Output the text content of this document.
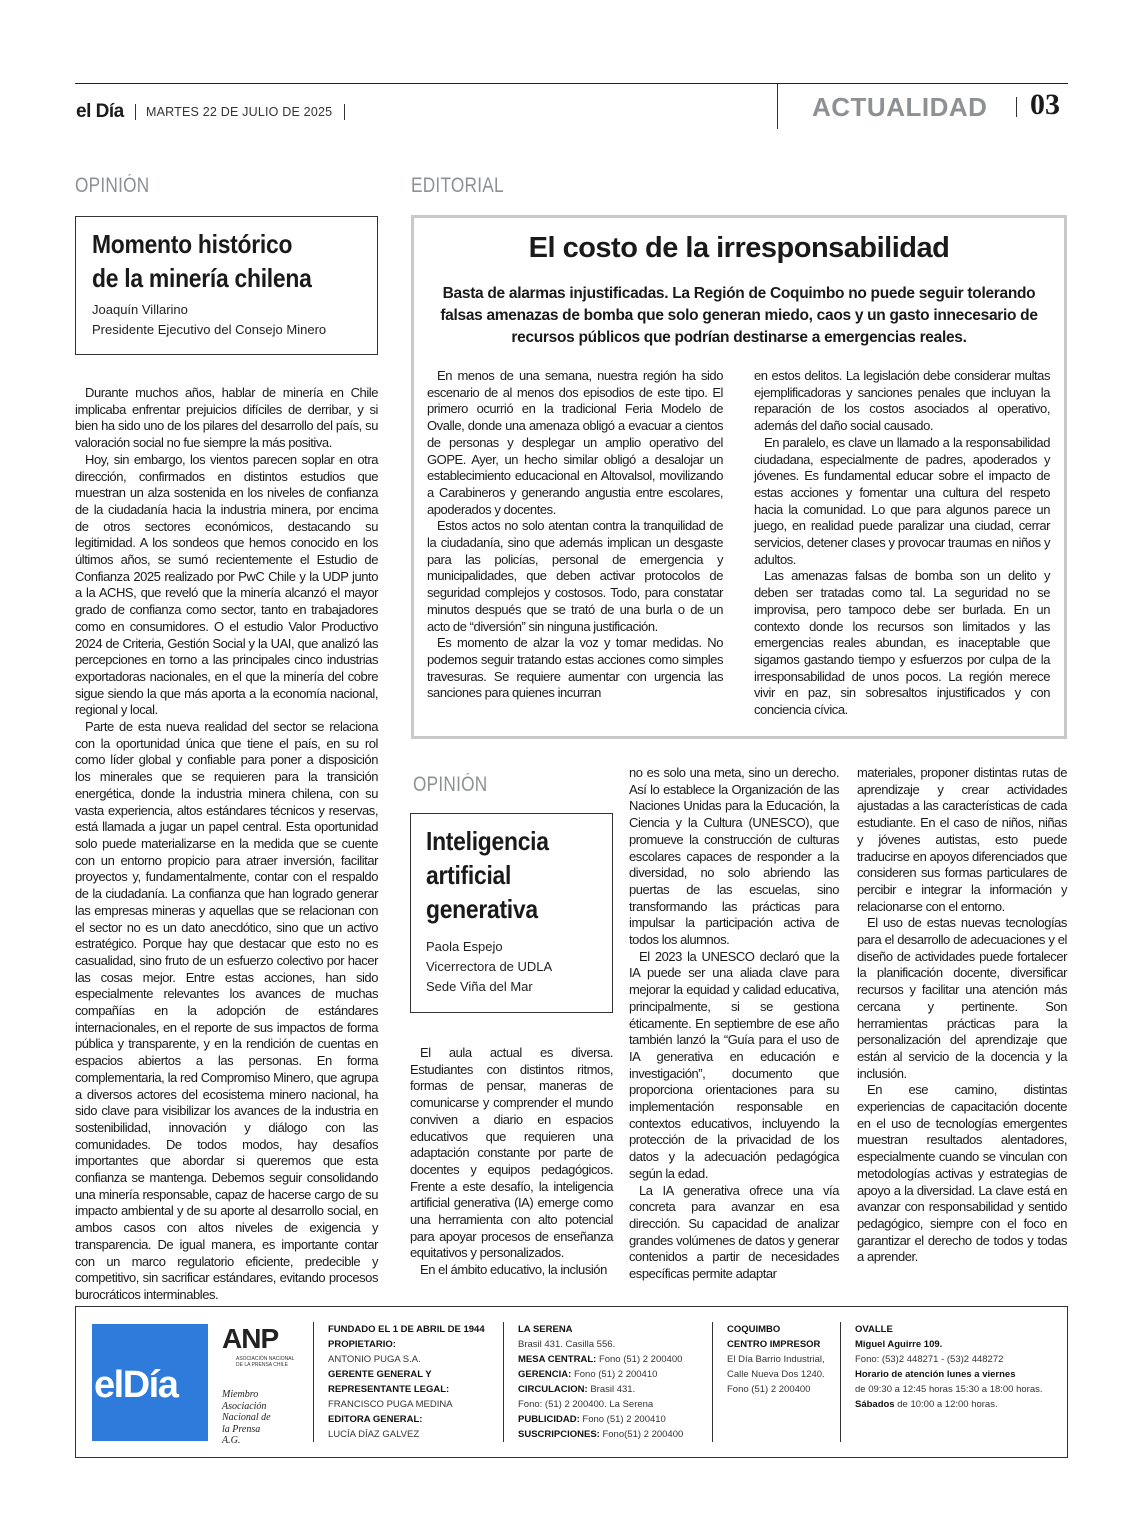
el Día MARTES 22 DE JULIO DE 2025	ACTUALIDAD 03
OPINIÓN
Momento histórico
de la minería chilena
Joaquín Villarino
Presidente Ejecutivo del Consejo Minero

Durante muchos años, hablar de minería en Chile implicaba enfrentar prejuicios difíciles de derribar, y si bien ha sido uno de los pilares del desarrollo del país, su valoración social no fue siempre la más positiva.

Hoy, sin embargo, los vientos parecen soplar en otra dirección, confirmados en distintos estudios que muestran un alza sostenida en los niveles de confianza de la ciudadanía hacia la industria minera, por encima de otros sectores económicos, destacando su legitimidad. A los sondeos que hemos conocido en los últimos años, se sumó recientemente el Estudio de Confianza 2025 realizado por PwC Chile y la UDP junto a la ACHS, que reveló que la minería alcanzó el mayor grado de confianza como sector, tanto en trabajadores como en consumidores. O el estudio Valor Productivo 2024 de Criteria, Gestión Social y la UAI, que analizó las percepciones en torno a las principales cinco industrias exportadoras nacionales, en el que la minería del cobre sigue siendo la que más aporta a la economía nacional, regional y local.

Parte de esta nueva realidad del sector se relaciona con la oportunidad única que tiene el país, en su rol como líder global y confiable para poner a disposición los minerales que se requieren para la transición energética, donde la industria minera chilena, con su vasta experiencia, altos estándares técnicos y reservas, está llamada a jugar un papel central. Esta oportunidad solo puede materializarse en la medida que se cuente con un entorno propicio para atraer inversión, facilitar proyectos y, fundamentalmente, contar con el respaldo de la ciudadanía. La confianza que han logrado generar las empresas mineras y aquellas que se relacionan con el sector no es un dato anecdótico, sino que un activo estratégico. Porque hay que destacar que esto no es casualidad, sino fruto de un esfuerzo colectivo por hacer las cosas mejor. Entre estas acciones, han sido especialmente relevantes los avances de muchas compañías en la adopción de estándares internacionales, en el reporte de sus impactos de forma pública y transparente, y en la rendición de cuentas en espacios abiertos a las personas. En forma complementaria, la red Compromiso Minero, que agrupa a diversos actores del ecosistema minero nacional, ha sido clave para visibilizar los avances de la industria en sostenibilidad, innovación y diálogo con las comunidades. De todos modos, hay desafíos importantes que abordar si queremos que esta confianza se mantenga. Debemos seguir consolidando una minería responsable, capaz de hacerse cargo de su impacto ambiental y de su aporte al desarrollo social, en ambos casos con altos niveles de exigencia y transparencia. De igual manera, es importante contar con un marco regulatorio eficiente, predecible y competitivo, sin sacrificar estándares, evitando procesos burocráticos interminables.

EDITORIAL
El costo de la irresponsabilidad
Basta de alarmas injustificadas. La Región de Coquimbo no puede seguir tolerando falsas amenazas de bomba que solo generan miedo, caos y un gasto innecesario de recursos públicos que podrían destinarse a emergencias reales.

En menos de una semana, nuestra región ha sido escenario de al menos dos episodios de este tipo. El primero ocurrió en la tradicional Feria Modelo de Ovalle, donde una amenaza obligó a evacuar a cientos de personas y desplegar un amplio operativo del GOPE. Ayer, un hecho similar obligó a desalojar un establecimiento educacional en Altovalsol, movilizando a Carabineros y generando angustia entre escolares, apoderados y docentes.

Estos actos no solo atentan contra la tranquilidad de la ciudadanía, sino que además implican un desgaste para las policías, personal de emergencia y municipalidades, que deben activar protocolos de seguridad complejos y costosos. Todo, para constatar minutos después que se trató de una burla o de un acto de “diversión” sin ninguna justificación.

Es momento de alzar la voz y tomar medidas. No podemos seguir tratando estas acciones como simples travesuras. Se requiere aumentar con urgencia las sanciones para quienes incurran

en estos delitos. La legislación debe considerar multas ejemplificadoras y sanciones penales que incluyan la reparación de los costos asociados al operativo, además del daño social causado.

En paralelo, es clave un llamado a la responsabilidad ciudadana, especialmente de padres, apoderados y jóvenes. Es fundamental educar sobre el impacto de estas acciones y fomentar una cultura del respeto hacia la comunidad. Lo que para algunos parece un juego, en realidad puede paralizar una ciudad, cerrar servicios, detener clases y provocar traumas en niños y adultos.

Las amenazas falsas de bomba son un delito y deben ser tratadas como tal. La seguridad no se improvisa, pero tampoco debe ser burlada. En un contexto donde los recursos son limitados y las emergencias reales abundan, es inaceptable que sigamos gastando tiempo y esfuerzos por culpa de la irresponsabilidad de unos pocos. La región merece vivir en paz, sin sobresaltos injustificados y con conciencia cívica.

OPINIÓN
Inteligencia
artificial
generativa
Paola Espejo
Vicerrectora de UDLA
Sede Viña del Mar

El aula actual es diversa. Estudiantes con distintos ritmos, formas de pensar, maneras de comunicarse y comprender el mundo conviven a diario en espacios educativos que requieren una adaptación constante por parte de docentes y equipos pedagógicos. Frente a este desafío, la inteligencia artificial generativa (IA) emerge como una herramienta con alto potencial para apoyar procesos de enseñanza equitativos y personalizados.

En el ámbito educativo, la inclusión

no es solo una meta, sino un derecho. Así lo establece la Organización de las Naciones Unidas para la Educación, la Ciencia y la Cultura (UNESCO), que promueve la construcción de culturas escolares capaces de responder a la diversidad, no solo abriendo las puertas de las escuelas, sino transformando las prácticas para impulsar la participación activa de todos los alumnos.

El 2023 la UNESCO declaró que la IA puede ser una aliada clave para mejorar la equidad y calidad educativa, principalmente, si se gestiona éticamente. En septiembre de ese año también lanzó la “Guía para el uso de IA generativa en educación e investigación”, documento que proporciona orientaciones para su implementación responsable en contextos educativos, incluyendo la protección de la privacidad de los datos y la adecuación pedagógica según la edad.

La IA generativa ofrece una vía concreta para avanzar en esa dirección. Su capacidad de analizar grandes volúmenes de datos y generar contenidos a partir de necesidades específicas permite adaptar

materiales, proponer distintas rutas de aprendizaje y crear actividades ajustadas a las características de cada estudiante. En el caso de niños, niñas y jóvenes autistas, esto puede traducirse en apoyos diferenciados que consideren sus formas particulares de percibir e integrar la información y relacionarse con el entorno.

El uso de estas nuevas tecnologías para el desarrollo de adecuaciones y el diseño de actividades puede fortalecer la planificación docente, diversificar recursos y facilitar una atención más cercana y pertinente. Son herramientas prácticas para la personalización del aprendizaje que están al servicio de la docencia y la inclusión.

En ese camino, distintas experiencias de capacitación docente en el uso de tecnologías emergentes muestran resultados alentadores, especialmente cuando se vinculan con metodologías activas y estrategias de apoyo a la diversidad. La clave está en avanzar con responsabilidad y sentido pedagógico, siempre con el foco en garantizar el derecho de todos y todas a aprender.

elDía
ANP
ASOCIACIÓN NACIONAL DE LA PRENSA CHILE
Miembro
Asociación
Nacional de
la Prensa
A.G.
FUNDADO EL 1 DE ABRIL DE 1944
PROPIETARIO:
ANTONIO PUGA S.A.
GERENTE GENERAL Y
REPRESENTANTE LEGAL:
FRANCISCO PUGA MEDINA
EDITORA GENERAL:
LUCÍA DÍAZ GALVEZ
LA SERENA
Brasil 431. Casilla 556.
MESA CENTRAL: Fono (51) 2 200400
GERENCIA: Fono (51) 2 200410
CIRCULACION: Brasil 431.
Fono: (51) 2 200400. La Serena
PUBLICIDAD: Fono (51) 2 200410
SUSCRIPCIONES: Fono(51) 2 200400
COQUIMBO
CENTRO IMPRESOR
El Día Barrio Industrial,
Calle Nueva Dos 1240.
Fono (51) 2 200400
OVALLE
Miguel Aguirre 109.
Fono: (53)2 448271 - (53)2 448272
Horario de atención lunes a viernes
de 09:30 a 12:45 horas 15:30 a 18:00 horas.
Sábados de 10:00 a 12:00 horas.
